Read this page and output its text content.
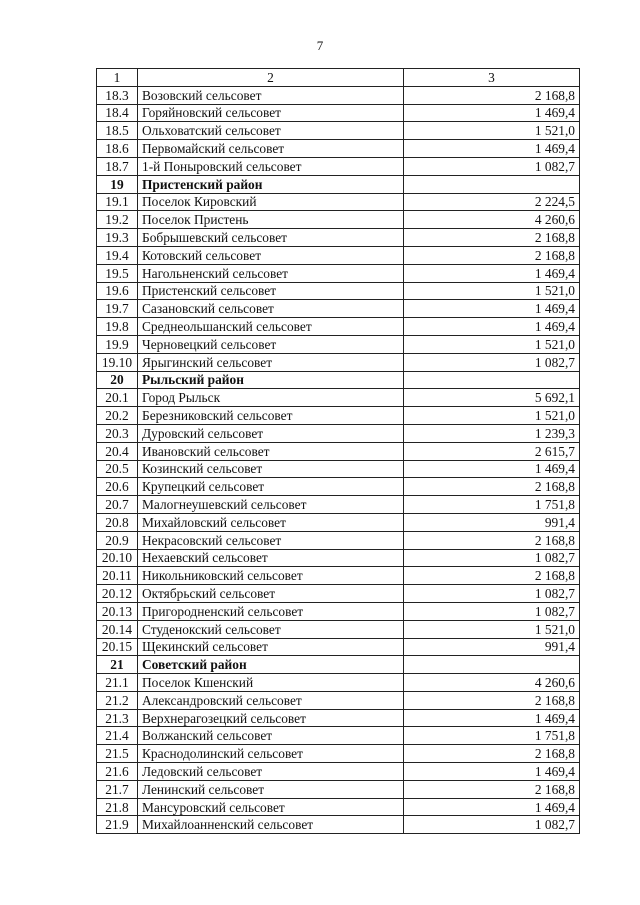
7
1	2	3
18.3	Возовский сельсовет	2 168,8
18.4	Горяйновский сельсовет	1 469,4
18.5	Ольховатский сельсовет	1 521,0
18.6	Первомайский сельсовет	1 469,4
18.7	1-й Поныровский сельсовет	1 082,7
19	Пристенский район	
19.1	Поселок Кировский	2 224,5
19.2	Поселок Пристень	4 260,6
19.3	Бобрышевский сельсовет	2 168,8
19.4	Котовский сельсовет	2 168,8
19.5	Нагольненский сельсовет	1 469,4
19.6	Пристенский сельсовет	1 521,0
19.7	Сазановский сельсовет	1 469,4
19.8	Среднеольшанский сельсовет	1 469,4
19.9	Черновецкий сельсовет	1 521,0
19.10	Ярыгинский сельсовет	1 082,7
20	Рыльский район	
20.1	Город Рыльск	5 692,1
20.2	Березниковский сельсовет	1 521,0
20.3	Дуровский сельсовет	1 239,3
20.4	Ивановский сельсовет	2 615,7
20.5	Козинский сельсовет	1 469,4
20.6	Крупецкий сельсовет	2 168,8
20.7	Малогнеушевский сельсовет	1 751,8
20.8	Михайловский сельсовет	991,4
20.9	Некрасовский сельсовет	2 168,8
20.10	Нехаевский сельсовет	1 082,7
20.11	Никольниковский сельсовет	2 168,8
20.12	Октябрьский сельсовет	1 082,7
20.13	Пригородненский сельсовет	1 082,7
20.14	Студенокский сельсовет	1 521,0
20.15	Щекинский сельсовет	991,4
21	Советский район	
21.1	Поселок Кшенский	4 260,6
21.2	Александровский сельсовет	2 168,8
21.3	Верхнерагозецкий сельсовет	1 469,4
21.4	Волжанский сельсовет	1 751,8
21.5	Краснодолинский сельсовет	2 168,8
21.6	Ледовский сельсовет	1 469,4
21.7	Ленинский сельсовет	2 168,8
21.8	Мансуровский сельсовет	1 469,4
21.9	Михайлоанненский сельсовет	1 082,7
